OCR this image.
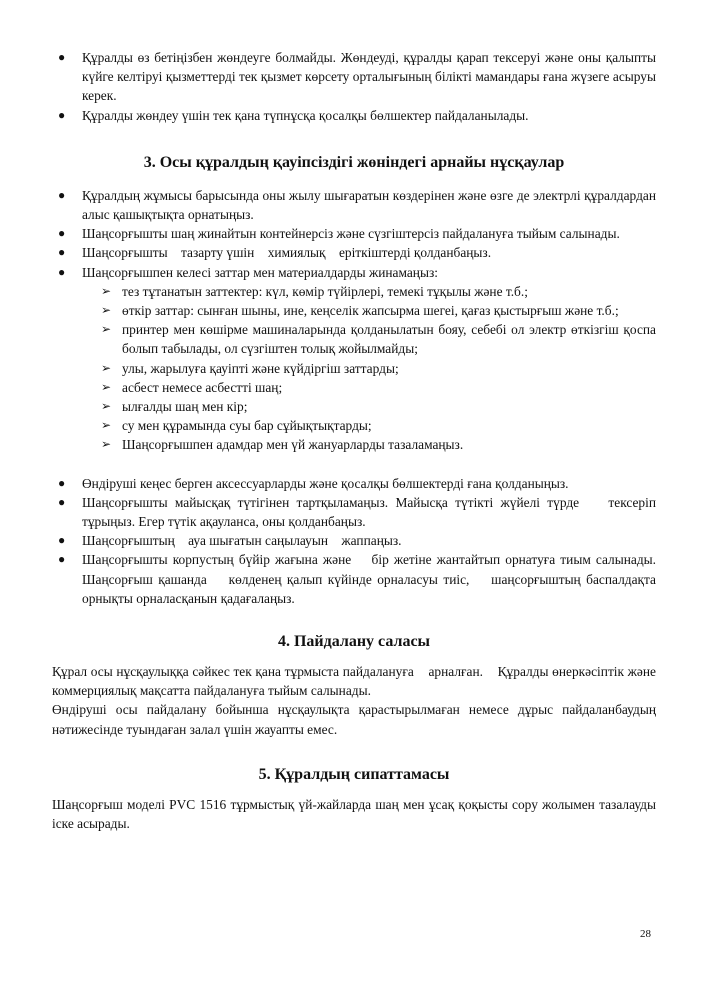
● Құралды өз бетіңізбен жөндеуге болмайды. Жөндеуді, құралды қарап тексеруі және оны қалыпты күйге келтіруі қызметтерді тек қызмет көрсету орталығының білікті мамандары ғана жүзеге асыруы керек.
● Құралды жөндеу үшін тек қана түпнұсқа қосалқы бөлшектер пайдаланылады.
3. Осы құралдың қауіпсіздігі жөніндегі арнайы нұсқаулар
● Құралдың жұмысы барысында оны жылу шығаратын көздерінен және өзге де электрлі құралдардан алыс қашықтықта орнатыңыз.
● Шаңсорғышты шаң жинайтын контейнерсіз және сүзгіштерсіз пайдалануға тыйым салынады.
● Шаңсорғышты    тазарту үшін    химиялық    еріткіштерді қолданбаңыз.
● Шаңсорғышпен келесі заттар мен материалдарды жинамаңыз:
➢ тез тұтанатын заттектер: күл, көмір түйірлері, темекі тұқылы және т.б.;
➢ өткір заттар: сынған шыны, ине, кеңселік жапсырма шегеі, қағаз қыстырғыш және т.б.;
➢ принтер мен көшірме машиналарында қолданылатын бояу, себебі ол электр өткізгіш қоспа болып табылады, ол сүзгіштен толық жойылмайды;
➢ улы, жарылуға қауіпті және күйдіргіш заттарды;
➢ асбест немесе асбестті шаң;
➢ ылғалды шаң мен кір;
➢ су мен құрамында суы бар сұйықтықтарды;
➢ Шаңсорғышпен адамдар мен үй жануарларды тазаламаңыз.
● Өндіруші кеңес берген аксессуарларды және қосалқы бөлшектерді ғана қолданыңыз.
● Шаңсорғышты майысқақ түтігінен тартқыламаңыз. Майысқа түтікті жүйелі түрде    тексеріп тұрыңыз. Егер түтік ақауланса, оны қолданбаңыз.
● Шаңсорғыштың    ауа шығатын саңылауын    жаппаңыз.
● Шаңсорғышты корпустың бүйір жағына және    бір жетіне жантайтып орнатуға тиым салынады. Шаңсорғыш қашанда    көлденең қалып күйінде орналасуы тиіс,    шаңсорғыштың баспалдақта орнықты орналасқанын қадағалаңыз.
4. Пайдалану саласы

Құрал осы нұсқаулыққа сәйкес тек қана тұрмыста пайдалануға    арналған.    Құралды өнеркәсіптік және коммерциялық мақсатта пайдалануға тыйым салынады.

Өндіруші осы пайдалану бойынша нұсқаулықта қарастырылмаған немесе дұрыс пайдаланбаудың нәтижесінде туындаған залал үшін жауапты емес.

5. Құралдың сипаттамасы

Шаңсорғыш моделі PVC 1516 тұрмыстық үй-жайларда шаң мен ұсақ қоқысты сору жолымен тазалауды іске асырады.

28
